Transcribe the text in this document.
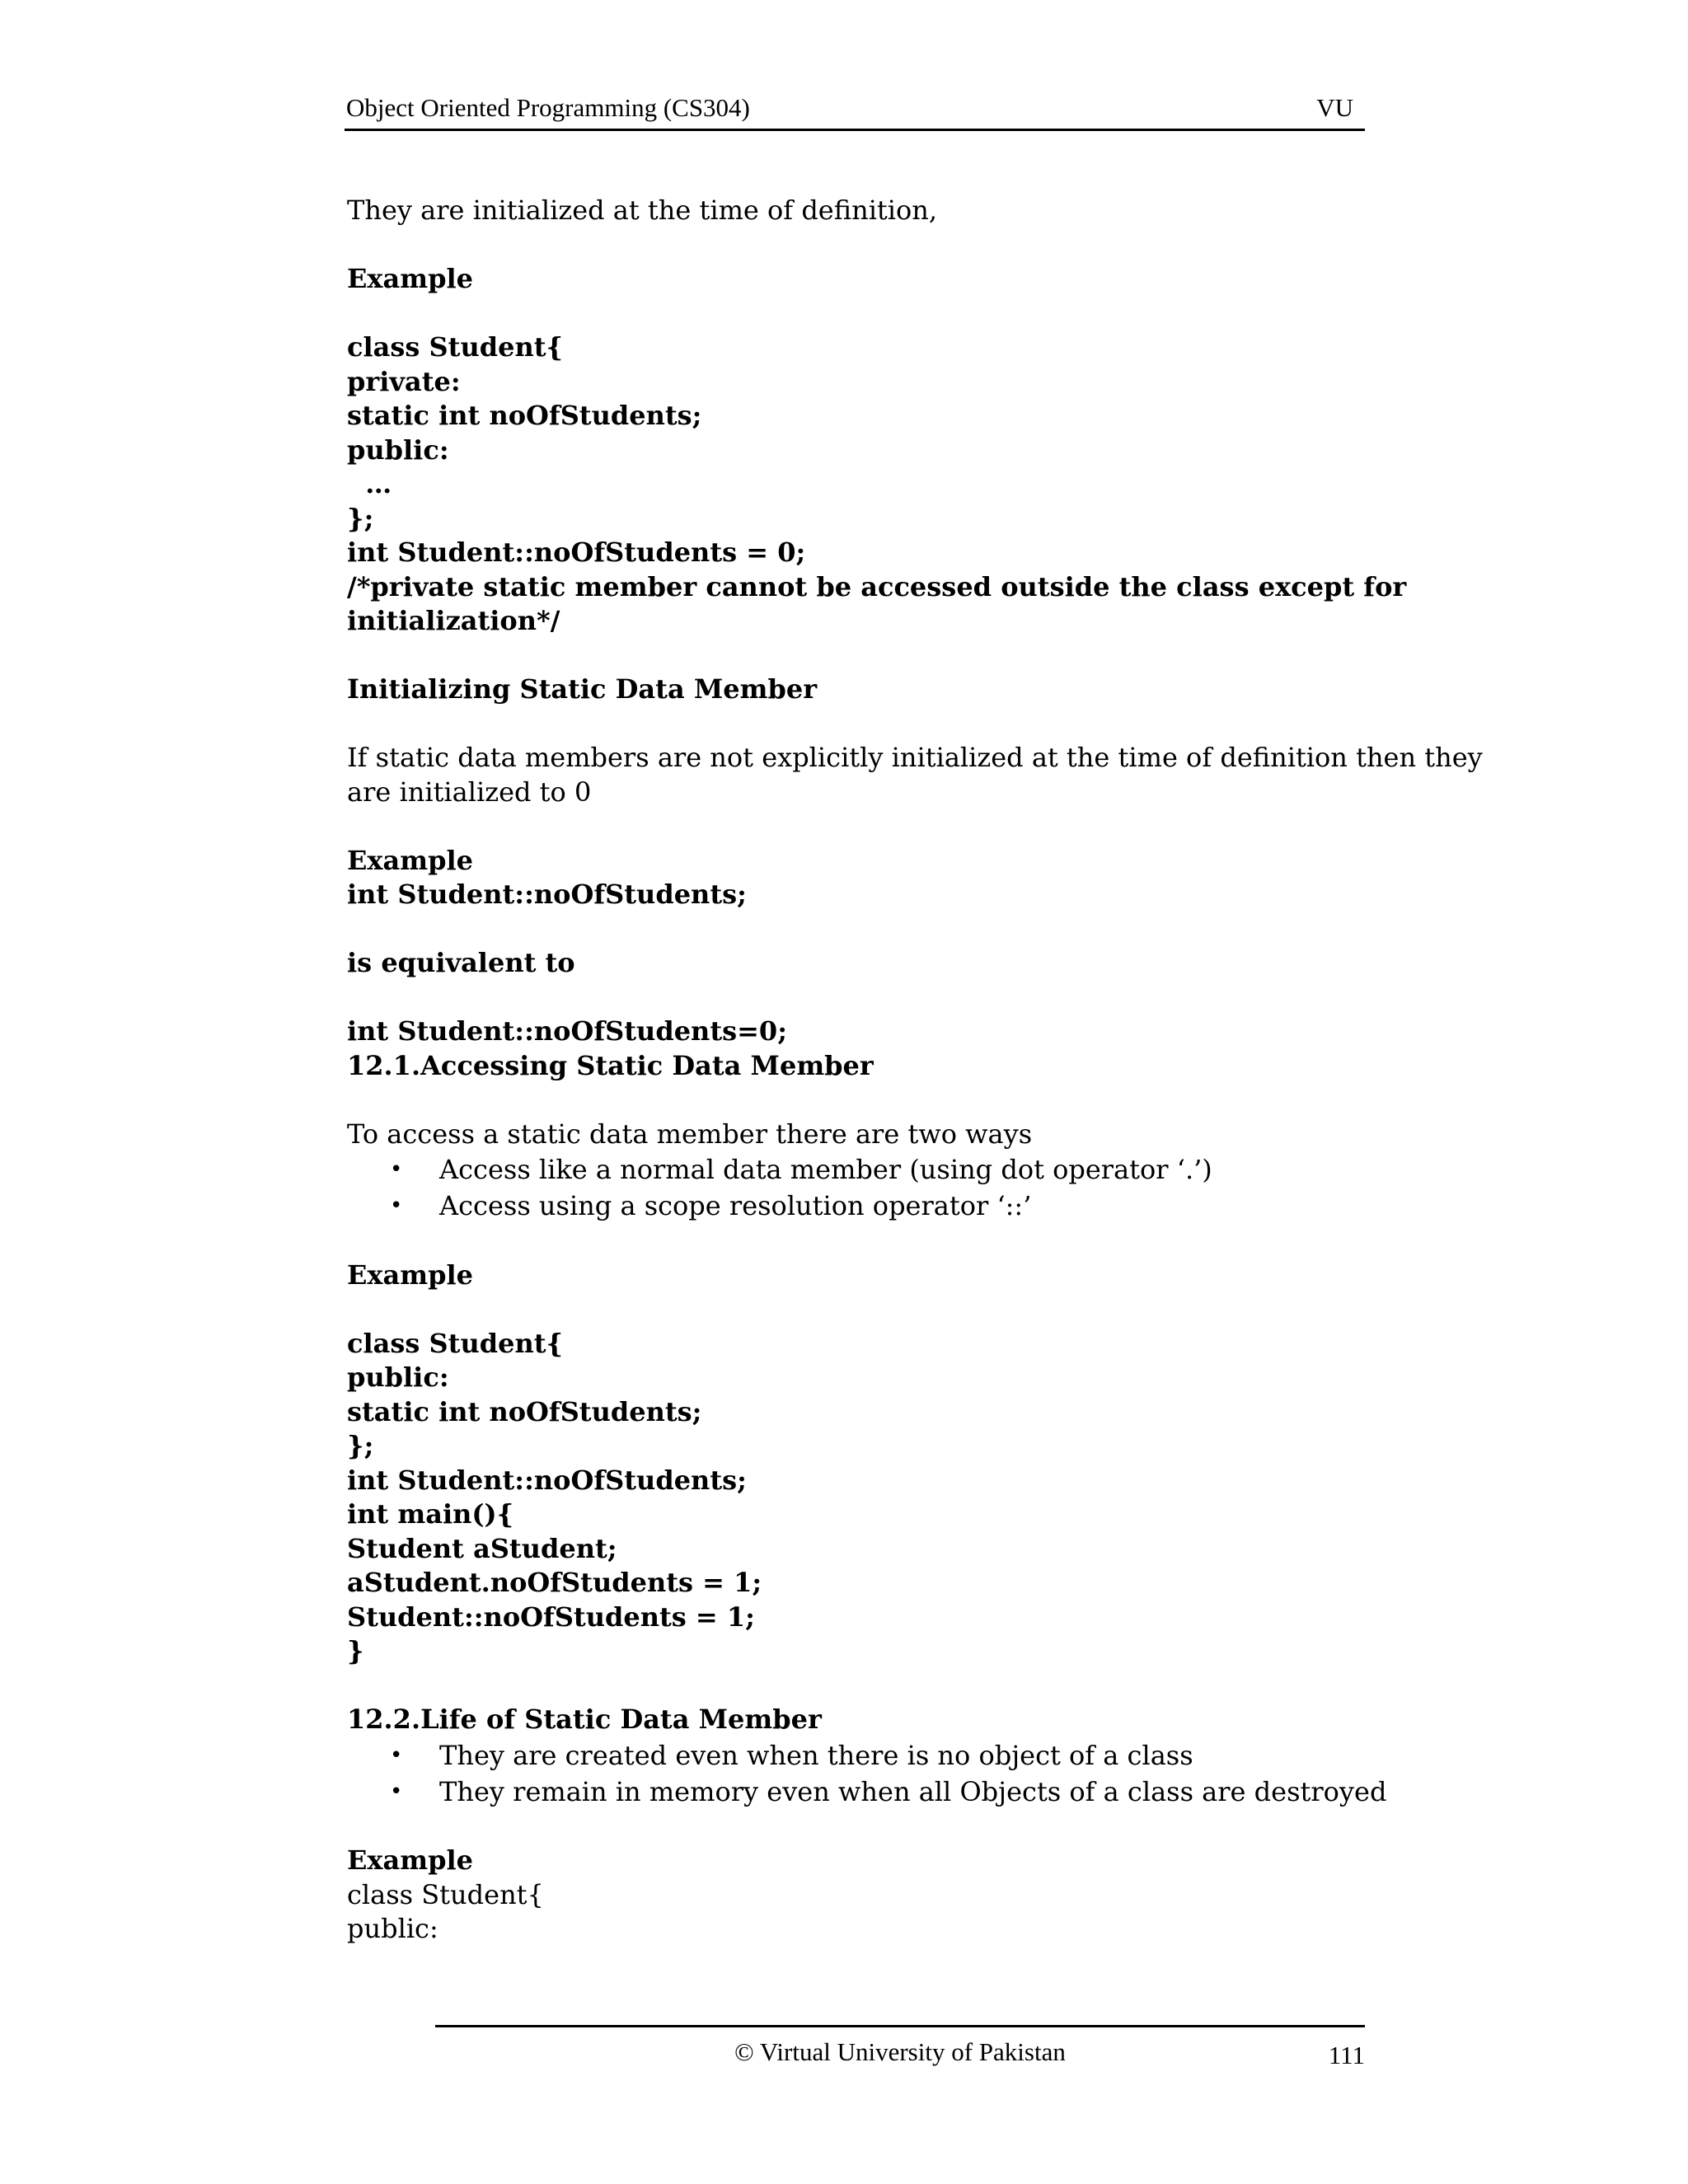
Object Oriented Programming (CS304)	VU
They are initialized at the time of definition,
Example
class Student{
private:
static int noOfStudents;
public:
…
};
int Student::noOfStudents = 0;
/*private static member cannot be accessed outside the class except for
initialization*/
Initializing Static Data Member
If static data members are not explicitly initialized at the time of definition then they
are initialized to 0
Example
int Student::noOfStudents;
is equivalent to
int Student::noOfStudents=0;
12.1.Accessing Static Data Member
To access a static data member there are two ways
• Access like a normal data member (using dot operator ‘.’)
• Access using a scope resolution operator ‘::’
Example
class Student{
public:
static int noOfStudents;
};
int Student::noOfStudents;
int main(){
Student aStudent;
aStudent.noOfStudents = 1;
Student::noOfStudents = 1;
}
12.2.Life of Static Data Member
• They are created even when there is no object of a class
• They remain in memory even when all Objects of a class are destroyed
Example
class Student{
public:
© Virtual University of Pakistan	111
